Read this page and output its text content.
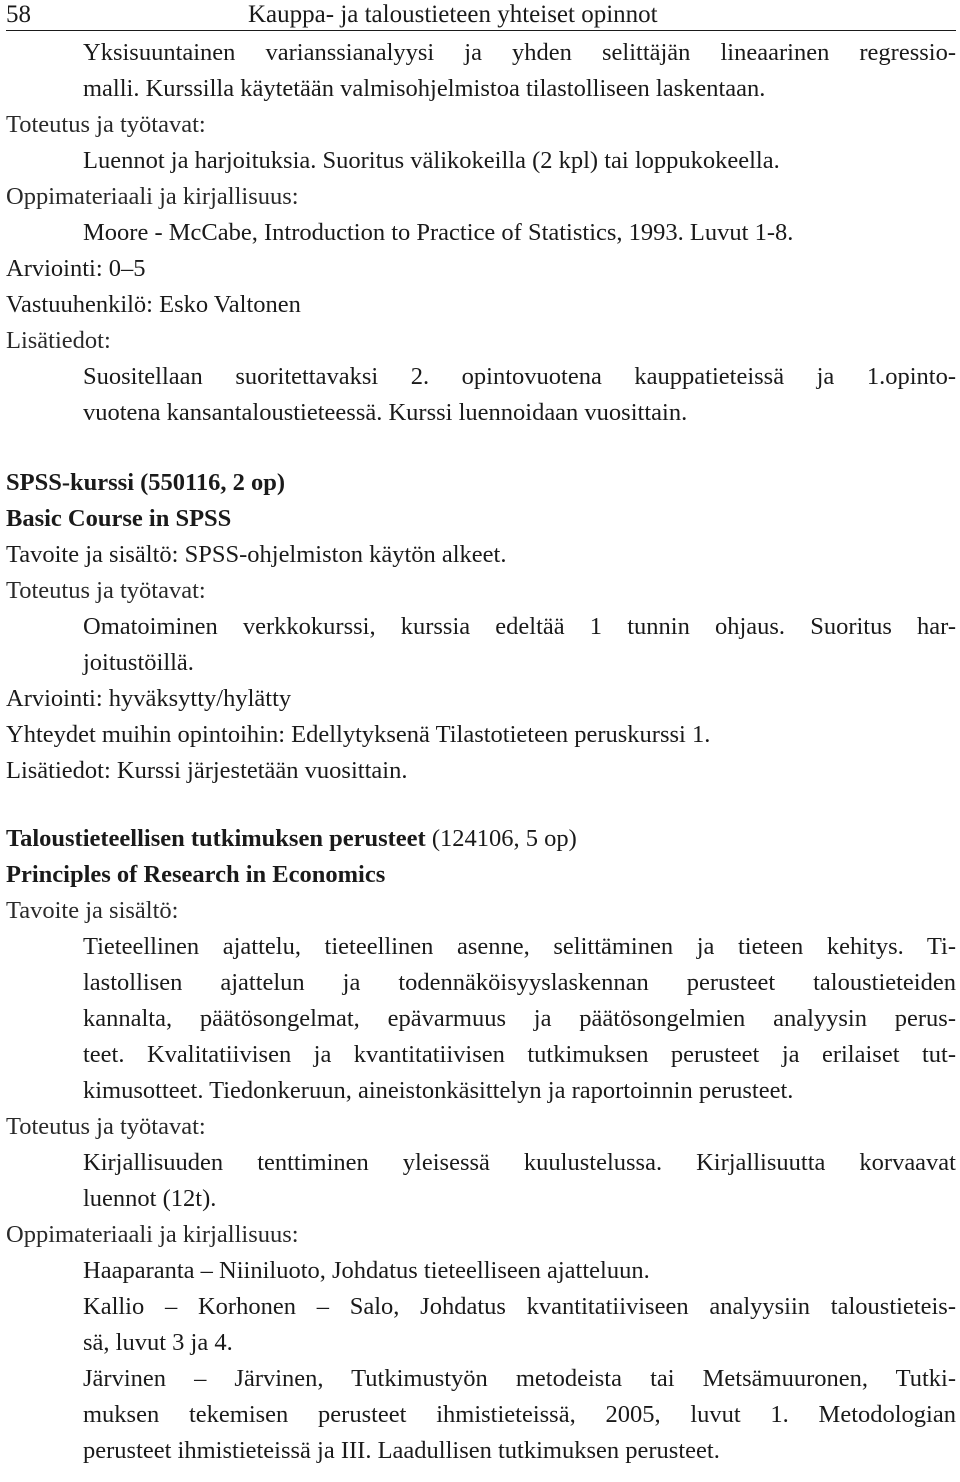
58	Kauppa- ja taloustieteen yhteiset opinnot
Yksisuuntainen varianssianalyysi ja yhden selittäjän lineaarinen regressio-
malli. Kurssilla käytetään valmisohjelmistoa tilastolliseen laskentaan.
Toteutus ja työtavat:
Luennot ja harjoituksia. Suoritus välikokeilla (2 kpl) tai loppukokeella.
Oppimateriaali ja kirjallisuus:
Moore - McCabe, Introduction to Practice of Statistics, 1993. Luvut 1-8.
Arviointi: 0–5
Vastuuhenkilö: Esko Valtonen
Lisätiedot:
Suositellaan suoritettavaksi 2. opintovuotena kauppatieteissä ja 1.opinto-
vuotena kansantaloustieteessä. Kurssi luennoidaan vuosittain.
SPSS-kurssi (550116, 2 op)
Basic Course in SPSS
Tavoite ja sisältö: SPSS-ohjelmiston käytön alkeet.
Toteutus ja työtavat:
Omatoiminen verkkokurssi, kurssia edeltää 1 tunnin ohjaus. Suoritus har-
joitustöillä.
Arviointi: hyväksytty/hylätty
Yhteydet muihin opintoihin: Edellytyksenä Tilastotieteen peruskurssi 1.
Lisätiedot: Kurssi järjestetään vuosittain.
Taloustieteellisen tutkimuksen perusteet (124106, 5 op)
Principles of Research in Economics
Tavoite ja sisältö:
Tieteellinen ajattelu, tieteellinen asenne, selittäminen ja tieteen kehitys. Ti-
lastollisen ajattelun ja todennäköisyyslaskennan perusteet taloustieteiden
kannalta, päätösongelmat, epävarmuus ja päätösongelmien analyysin perus-
teet. Kvalitatiivisen ja kvantitatiivisen tutkimuksen perusteet ja erilaiset tut-
kimusotteet. Tiedonkeruun, aineistonkäsittelyn ja raportoinnin perusteet.
Toteutus ja työtavat:
Kirjallisuuden tenttiminen yleisessä kuulustelussa. Kirjallisuutta korvaavat
luennot (12t).
Oppimateriaali ja kirjallisuus:
Haaparanta – Niiniluoto, Johdatus tieteelliseen ajatteluun.
Kallio – Korhonen – Salo, Johdatus kvantitatiiviseen analyysiin taloustieteis-
sä, luvut 3 ja 4.
Järvinen – Järvinen, Tutkimustyön metodeista tai Metsämuuronen, Tutki-
muksen tekemisen perusteet ihmistieteissä, 2005, luvut 1. Metodologian
perusteet ihmistieteissä ja III. Laadullisen tutkimuksen perusteet.
